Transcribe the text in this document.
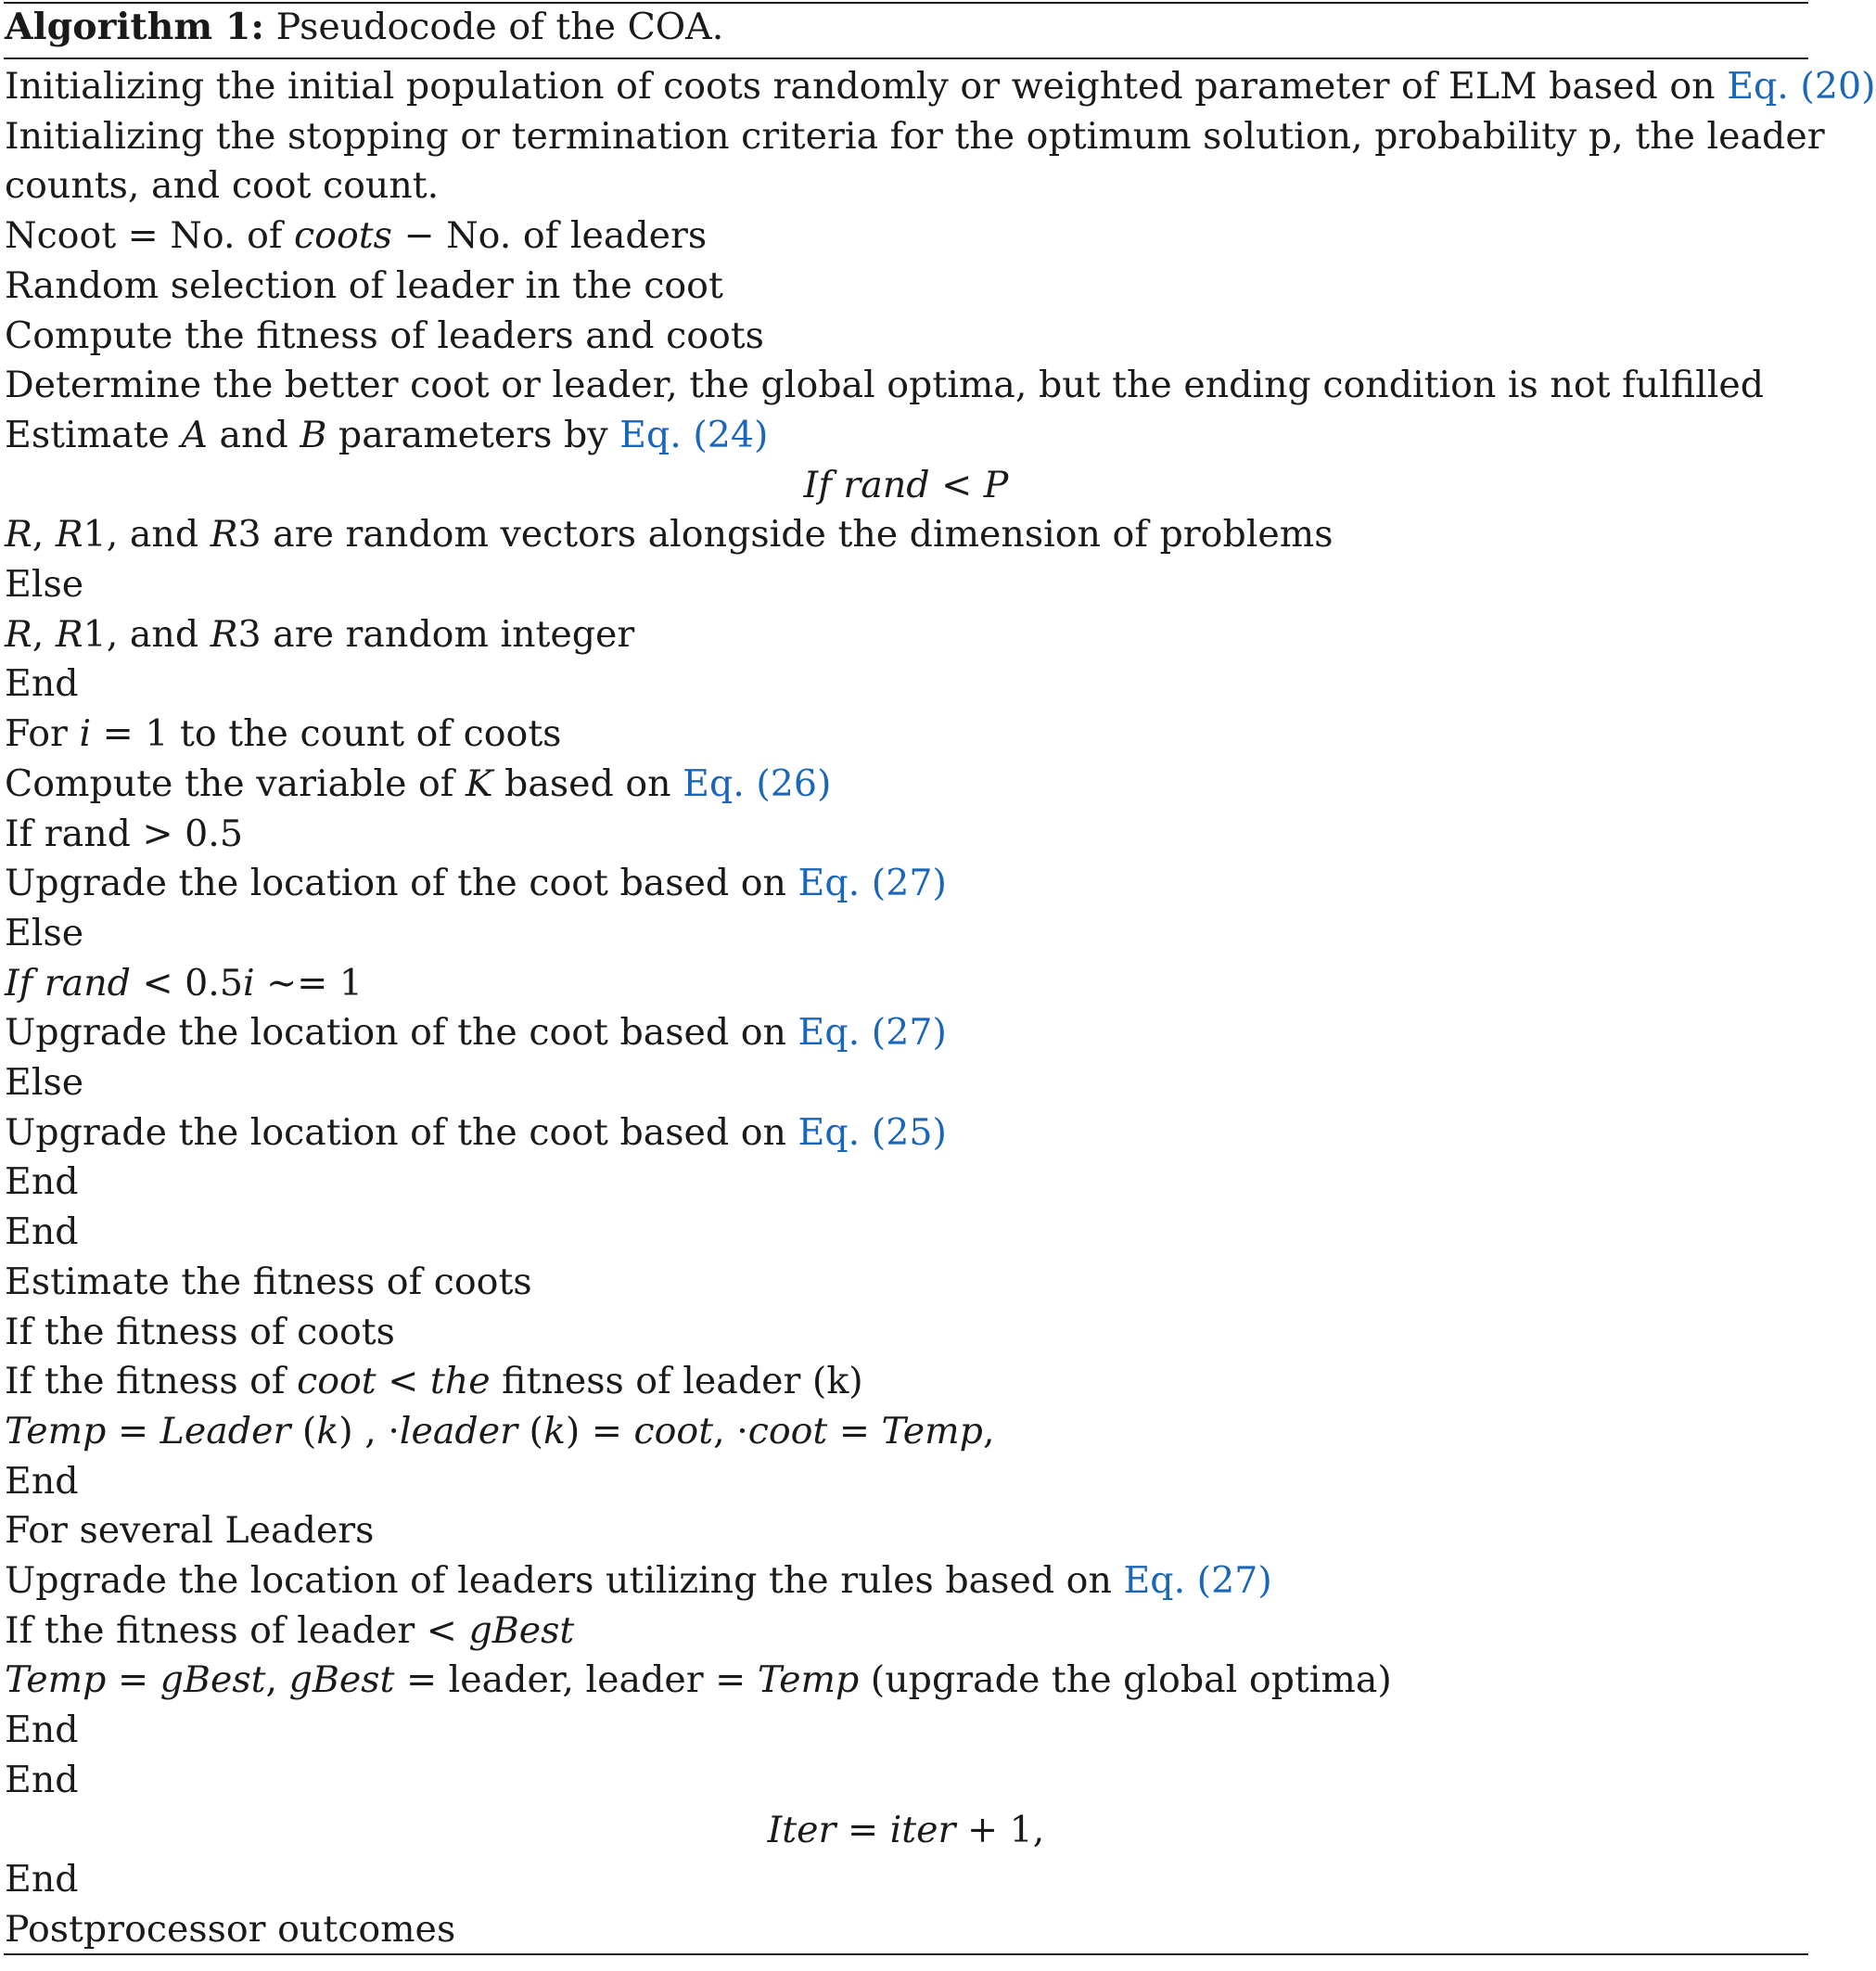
Algorithm 1: Pseudocode of the COA.
Initializing the initial population of coots randomly or weighted parameter of ELM based on Eq. (20)
Initializing the stopping or termination criteria for the optimum solution, probability p, the leader
counts, and coot count.
Ncoot = No. of coots − No. of leaders
Random selection of leader in the coot
Compute the fitness of leaders and coots
Determine the better coot or leader, the global optima, but the ending condition is not fulfilled
Estimate A and B parameters by Eq. (24)
If rand < P
R, R1, and R3 are random vectors alongside the dimension of problems
Else
R, R1, and R3 are random integer
End
For i = 1 to the count of coots
Compute the variable of K based on Eq. (26)
If rand > 0.5
Upgrade the location of the coot based on Eq. (27)
Else
If rand < 0.5i ∼= 1
Upgrade the location of the coot based on Eq. (27)
Else
Upgrade the location of the coot based on Eq. (25)
End
End
Estimate the fitness of coots
If the fitness of coots
If the fitness of coot < the fitness of leader (k)
Temp = Leader (k) , ·leader (k) = coot, ·coot = Temp,
End
For several Leaders
Upgrade the location of leaders utilizing the rules based on Eq. (27)
If the fitness of leader < gBest
Temp = gBest, gBest = leader, leader = Temp (upgrade the global optima)
End
End
Iter = iter + 1,
End
Postprocessor outcomes
